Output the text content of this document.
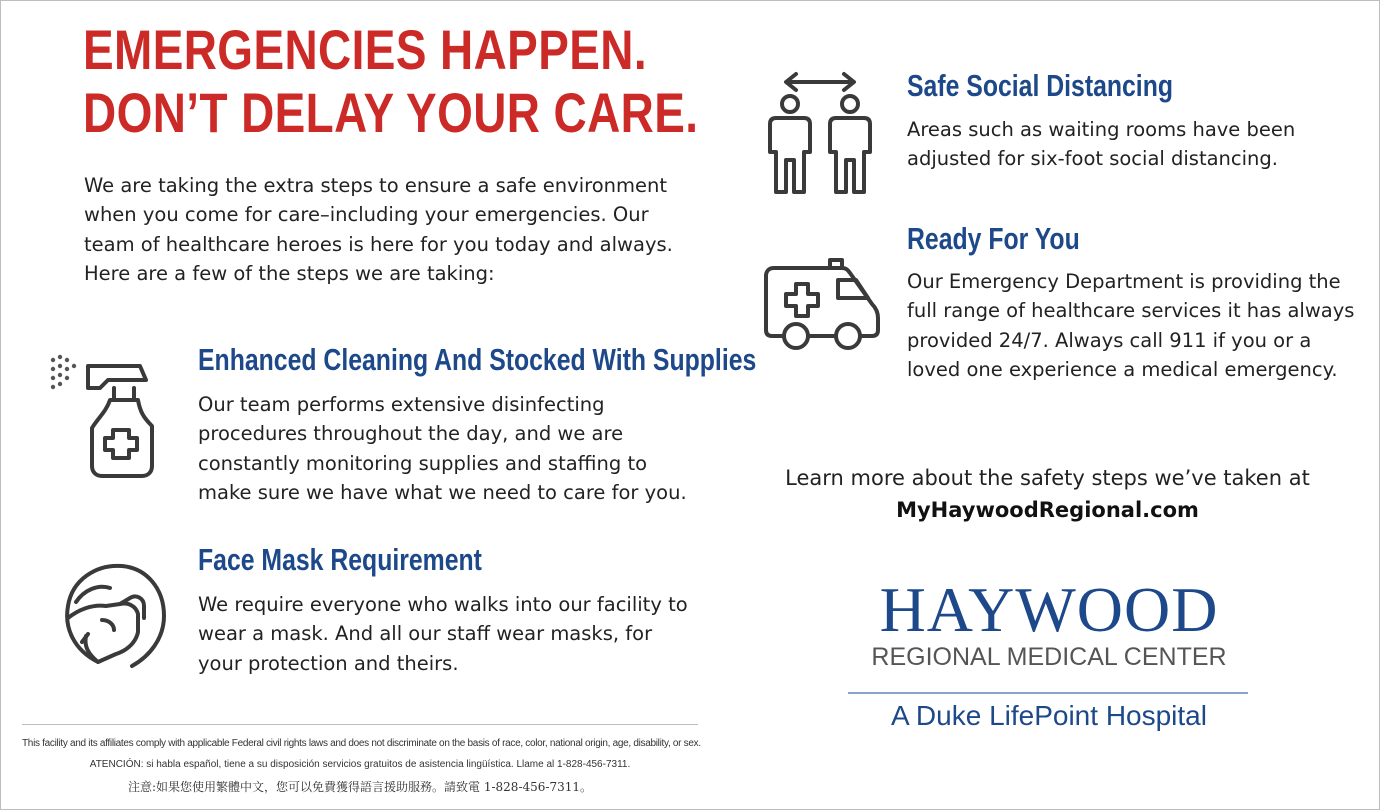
EMERGENCIES HAPPEN.
DON’T DELAY YOUR CARE.

We are taking the extra steps to ensure a safe environment when you come for care–including your emergencies. Our team of healthcare heroes is here for you today and always. Here are a few of the steps we are taking:

Enhanced Cleaning And Stocked With Supplies

Our team performs extensive disinfecting procedures throughout the day, and we are constantly monitoring supplies and staffing to make sure we have what we need to care for you.

Face Mask Requirement

We require everyone who walks into our facility to wear a mask. And all our staff wear masks, for your protection and theirs.

Safe Social Distancing

Areas such as waiting rooms have been adjusted for six-foot social distancing.

Ready For You

Our Emergency Department is providing the full range of healthcare services it has always provided 24/7. Always call 911 if you or a loved one experience a medical emergency.

Learn more about the safety steps we’ve taken at

MyHaywoodRegional.com

HAYWOOD

REGIONAL MEDICAL CENTER

A Duke LifePoint Hospital

This facility and its affiliates comply with applicable Federal civil rights laws and does not discriminate on the basis of race, color, national origin, age, disability, or sex.

ATENCIÓN: si habla español, tiene a su disposición servicios gratuitos de asistencia lingüística. Llame al 1-828-456-7311.

注意:如果您使用繁體中文，您可以免費獲得語言援助服務。請致電 1-828-456-7311。
